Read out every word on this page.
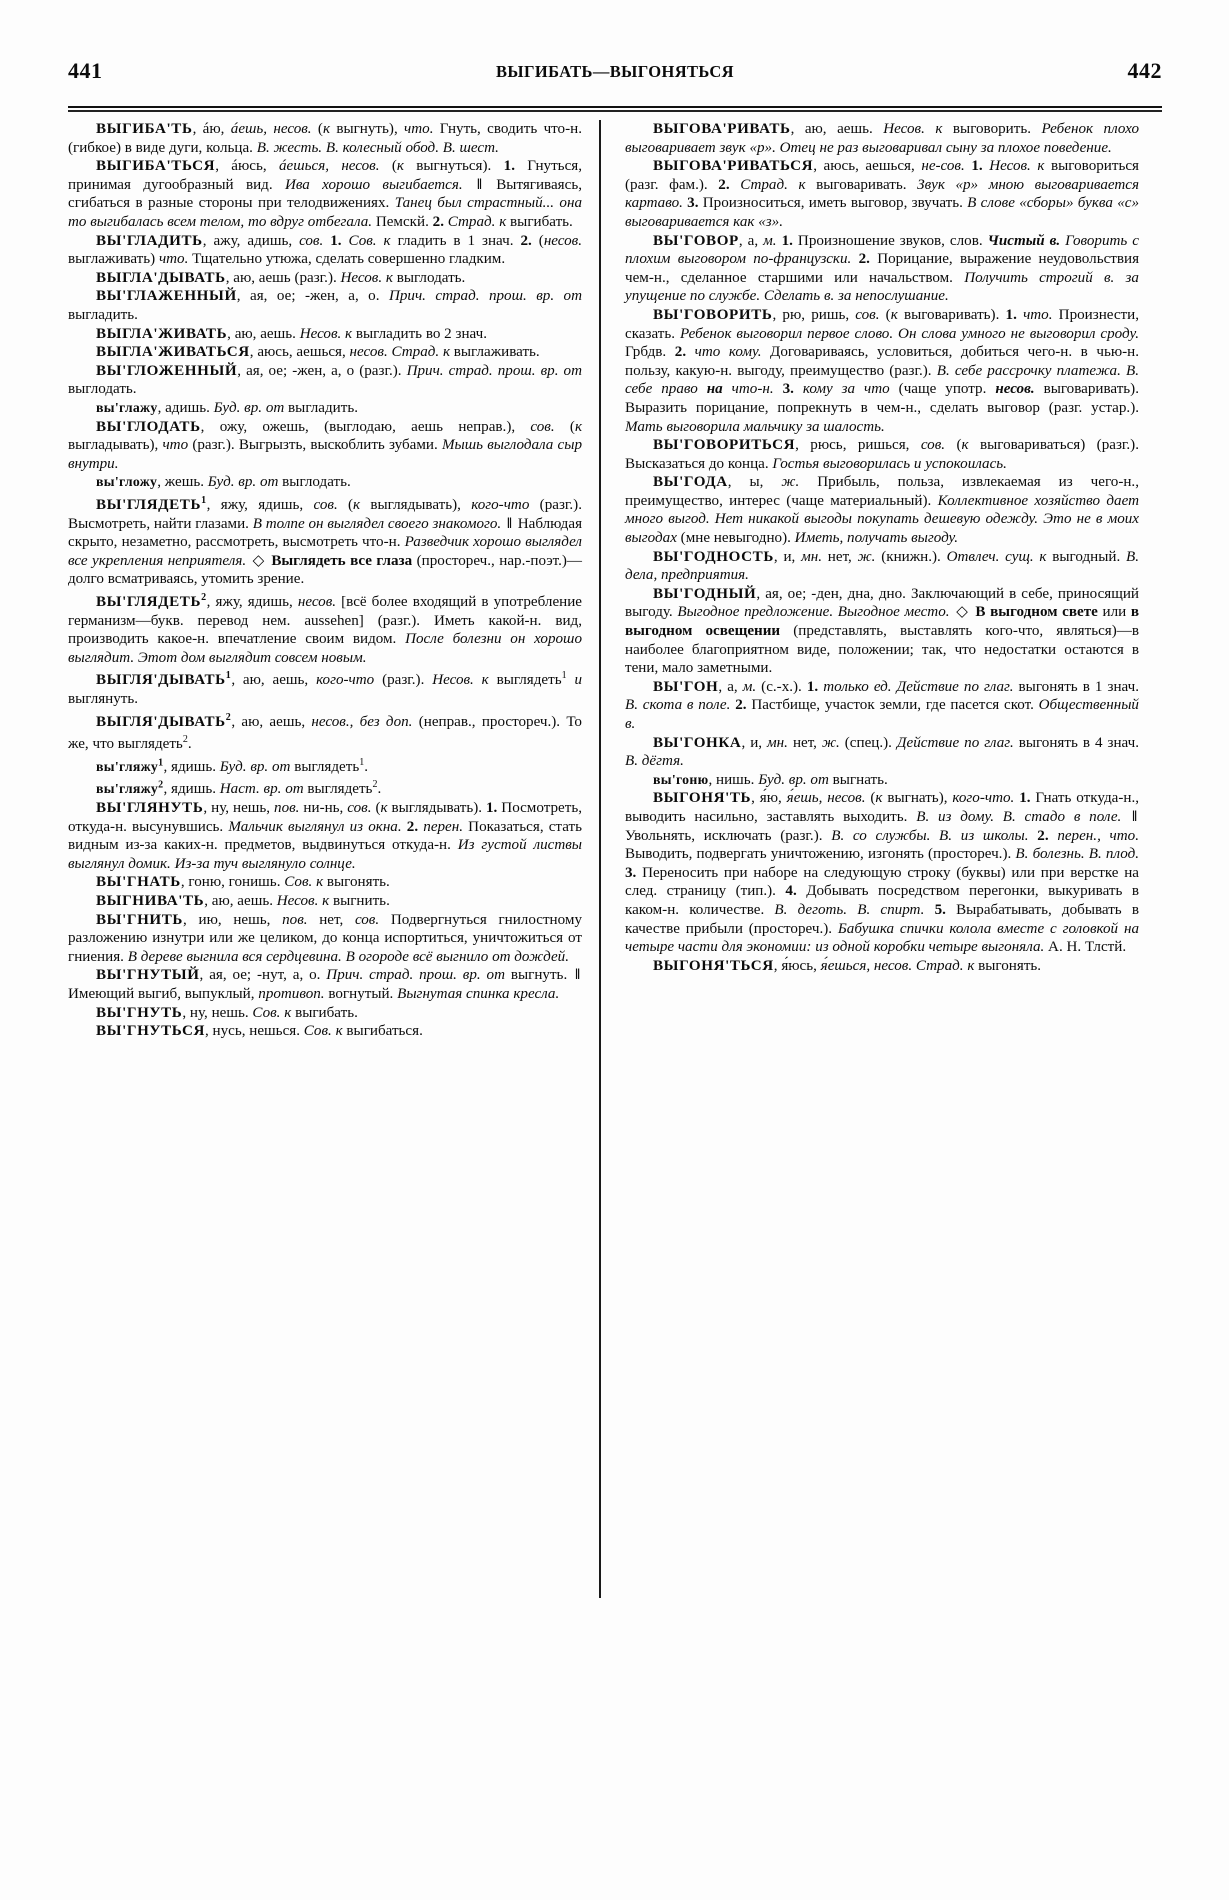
441	ВЫГИБАТЬ—ВЫГОНЯТЬСЯ	442

ВЫГИБА'ТЬ, áю, áешь, несов. (к выгнуть), что. Гнуть, сводить что-н. (гибкое) в виде дуги, кольца. В. жесть. В. колесный обод. В. шест.

ВЫГИБА'ТЬСЯ, áюсь, áешься, несов. (к выгнуться). 1. Гнуться, принимая дугообразный вид. Ива хорошо выгибается. ‖ Вытягиваясь, сгибаться в разные стороны при телодвижениях. Танец был страстный... она то выгибалась всем телом, то вдруг отбегала. Пемскй. 2. Страд. к выгибать.

ВЫ'ГЛАДИТЬ, ажу, адишь, сов. 1. Сов. к гладить в 1 знач. 2. (несов. выглаживать) что. Тщательно утюжа, сделать совершенно гладким.

ВЫГЛА'ДЫВАТЬ, аю, аешь (разг.). Несов. к выглодать.

ВЫ'ГЛАЖЕННЫЙ, ая, ое; -жен, а, о. Прич. страд. прош. вр. от выгладить.

ВЫГЛА'ЖИВАТЬ, аю, аешь. Несов. к выгладить во 2 знач.

ВЫГЛА'ЖИВАТЬСЯ, аюсь, аешься, несов. Страд. к выглаживать.

ВЫ'ГЛОЖЕННЫЙ, ая, ое; -жен, а, о (разг.). Прич. страд. прош. вр. от выглодать.

вы'глажу, адишь. Буд. вр. от выгладить.

ВЫ'ГЛОДАТЬ, ожу, ожешь, (выглодаю, аешь неправ.), сов. (к выгладывать), что (разг.). Выгрызть, выскоблить зубами. Мышь выглодала сыр внутри.

вы'гложу, жешь. Буд. вр. от выглодать.

ВЫ'ГЛЯДЕТЬ$^1$, яжу, ядишь, сов. (к выглядывать), кого-что (разг.). Высмотреть, найти глазами. В толпе он выглядел своего знакомого. ‖ Наблюдая скрыто, незаметно, рассмотреть, высмотреть что-н. Разведчик хорошо выглядел все укрепления неприятеля. ◇ Выглядеть все глаза (простореч., нар.-поэт.)—долго всматриваясь, утомить зрение.

ВЫ'ГЛЯДЕТЬ$^2$, яжу, ядишь, несов. [всё более входящий в употребление германизм—букв. перевод нем. aussehen] (разг.). Иметь какой-н. вид, производить какое-н. впечатление своим видом. После болезни он хорошо выглядит. Этот дом выглядит совсем новым.

ВЫГЛЯ'ДЫВАТЬ$^1$, аю, аешь, кого-что (разг.). Несов. к выглядеть$^1$ и выглянуть.

ВЫГЛЯ'ДЫВАТЬ$^2$, аю, аешь, несов., без доп. (неправ., простореч.). То же, что выглядеть$^2$.

вы'гляжу$^1$, ядишь. Буд. вр. от выглядеть$^1$.

вы'гляжу$^2$, ядишь. Наст. вр. от выглядеть$^2$.

ВЫ'ГЛЯНУТЬ, ну, нешь, пов. ни-нь, сов. (к выглядывать). 1. Посмотреть, откуда-н. высунувшись. Мальчик выглянул из окна. 2. перен. Показаться, стать видным из-за каких-н. предметов, выдвинуться откуда-н. Из густой листвы выглянул домик. Из-за туч выглянуло солнце.

ВЫ'ГНАТЬ, гоню, гонишь. Сов. к выгонять.

ВЫГНИВА'ТЬ, аю, аешь. Несов. к выгнить.

ВЫ'ГНИТЬ, ию, нешь, пов. нет, сов. Подвергнуться гнилостному разложению изнутри или же целиком, до конца испортиться, уничтожиться от гниения. В дереве выгнила вся сердцевина. В огороде всё выгнило от дождей.

ВЫ'ГНУТЫЙ, ая, ое; -нут, а, о. Прич. страд. прош. вр. от выгнуть. ‖ Имеющий выгиб, выпуклый, противоп. вогнутый. Выгнутая спинка кресла.

ВЫ'ГНУТЬ, ну, нешь. Сов. к выгибать.

ВЫ'ГНУТЬСЯ, нусь, нешься. Сов. к выгибаться.

ВЫГОВА'РИВАТЬ, аю, аешь. Несов. к выговорить. Ребенок плохо выговаривает звук «р». Отец не раз выговаривал сыну за плохое поведение.

ВЫГОВА'РИВАТЬСЯ, аюсь, аешься, не-сов. 1. Несов. к выговориться (разг. фам.). 2. Страд. к выговаривать. Звук «р» мною выговаривается картаво. 3. Произноситься, иметь выговор, звучать. В слове «сборы» буква «с» выговаривается как «з».

ВЫ'ГОВОР, а, м. 1. Произношение звуков, слов. Чистый в. Говорить с плохим выговором по-французски. 2. Порицание, выражение неудовольствия чем-н., сделанное старшими или начальством. Получить строгий в. за упущение по службе. Сделать в. за непослушание.

ВЫ'ГОВОРИТЬ, рю, ришь, сов. (к выговаривать). 1. что. Произнести, сказать. Ребенок выговорил первое слово. Он слова умного не выговорил сроду. Грбдв. 2. что кому. Договариваясь, условиться, добиться чего-н. в чью-н. пользу, какую-н. выгоду, преимущество (разг.). В. себе рассрочку платежа. В. себе право на что-н. 3. кому за что (чаще употр. несов. выговаривать). Выразить порицание, попрекнуть в чем-н., сделать выговор (разг. устар.). Мать выговорила мальчику за шалость.

ВЫ'ГОВОРИТЬСЯ, рюсь, ришься, сов. (к выговариваться) (разг.). Высказаться до конца. Гостья выговорилась и успокоилась.

ВЫ'ГОДА, ы, ж. Прибыль, польза, извлекаемая из чего-н., преимущество, интерес (чаще материальный). Коллективное хозяйство дает много выгод. Нет никакой выгоды покупать дешевую одежду. Это не в моих выгодах (мне невыгодно). Иметь, получать выгоду.

ВЫ'ГОДНОСТЬ, и, мн. нет, ж. (книжн.). Отвлеч. сущ. к выгодный. В. дела, предприятия.

ВЫ'ГОДНЫЙ, ая, ое; -ден, дна, дно. Заключающий в себе, приносящий выгоду. Выгодное предложение. Выгодное место. ◇ В выгодном свете или в выгодном освещении (представлять, выставлять кого-что, являться)—в наиболее благоприятном виде, положении; так, что недостатки остаются в тени, мало заметными.

ВЫ'ГОН, а, м. (с.-х.). 1. только ед. Действие по глаг. выгонять в 1 знач. В. скота в поле. 2. Пастбище, участок земли, где пасется скот. Общественный в.

ВЫ'ГОНКА, и, мн. нет, ж. (спец.). Действие по глаг. выгонять в 4 знач. В. дёгтя.

вы'гоню, нишь. Буд. вр. от выгнать.

ВЫГОНЯ'ТЬ, я́ю, я́ешь, несов. (к выгнать), кого-что. 1. Гнать откуда-н., выводить насильно, заставлять выходить. В. из дому. В. стадо в поле. ‖ Увольнять, исключать (разг.). В. со службы. В. из школы. 2. перен., что. Выводить, подвергать уничтожению, изгонять (простореч.). В. болезнь. В. плод. 3. Переносить при наборе на следующую строку (буквы) или при верстке на след. страницу (тип.). 4. Добывать посредством перегонки, выкуривать в каком-н. количестве. В. деготь. В. спирт. 5. Вырабатывать, добывать в качестве прибыли (простореч.). Бабушка спички колола вместе с головкой на четыре части для экономии: из одной коробки четыре выгоняла. А. Н. Тлстй.

ВЫГОНЯ'ТЬСЯ, я́юсь, я́ешься, несов. Страд. к выгонять.
